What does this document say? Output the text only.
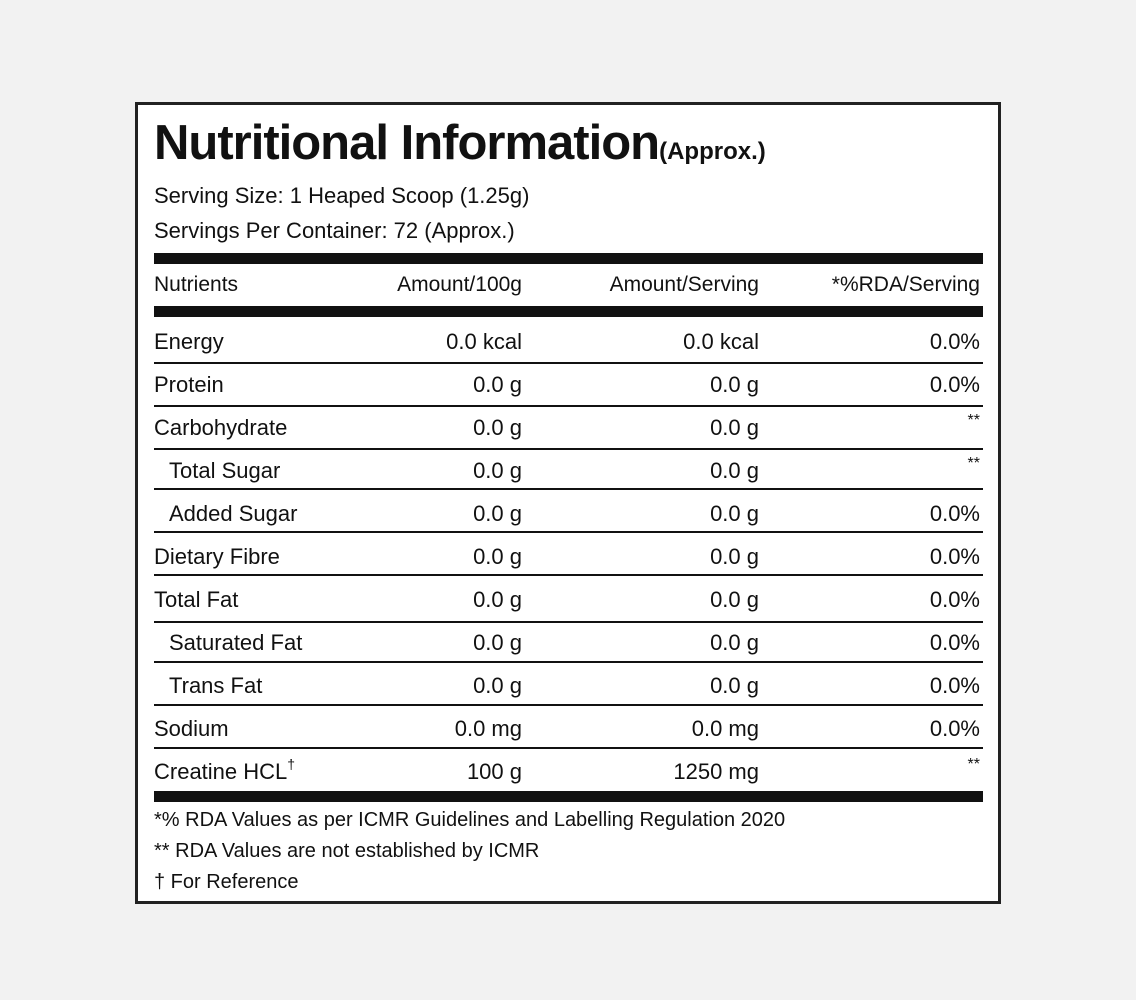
Nutritional Information(Approx.)
Serving Size: 1 Heaped Scoop (1.25g)
Servings Per Container: 72 (Approx.)
Nutrients	Amount/100g	Amount/Serving	*%RDA/Serving
Energy	0.0 kcal	0.0 kcal	0.0%
Protein	0.0 g	0.0 g	0.0%
Carbohydrate	0.0 g	0.0 g	**
Total Sugar	0.0 g	0.0 g	**
Added Sugar	0.0 g	0.0 g	0.0%
Dietary Fibre	0.0 g	0.0 g	0.0%
Total Fat	0.0 g	0.0 g	0.0%
Saturated Fat	0.0 g	0.0 g	0.0%
Trans Fat	0.0 g	0.0 g	0.0%
Sodium	0.0 mg	0.0 mg	0.0%
Creatine HCL†	100 g	1250 mg	**
*% RDA Values as per ICMR Guidelines and Labelling Regulation 2020
** RDA Values are not established by ICMR
† For Reference
